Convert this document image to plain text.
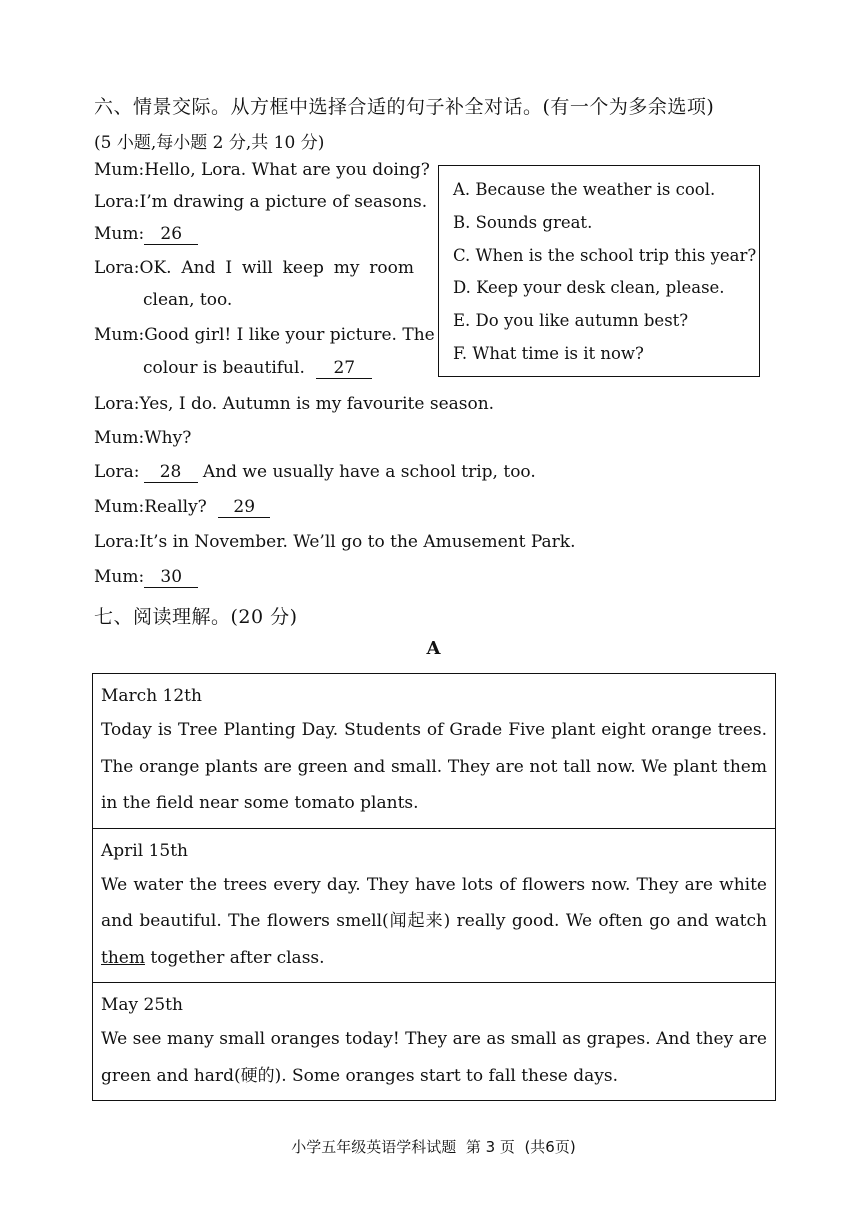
六、情景交际。从方框中选择合适的句子补全对话。(有一个为多余选项)
(5 小题,每小题 2 分,共 10 分)
Mum:Hello, Lora. What are you doing?
Lora:I’m drawing a picture of seasons.
Mum: 26
Lora:OK. And I will keep my room
clean, too.
Mum:Good girl! I like your picture. The
colour is beautiful. 27
Lora:Yes, I do. Autumn is my favourite season.
Mum:Why?
Lora: 28 And we usually have a school trip, too.
Mum:Really? 29
Lora:It’s in November. We’ll go to the Amusement Park.
Mum: 30
A. Because the weather is cool.
B. Sounds great.
C. When is the school trip this year?
D. Keep your desk clean, please.
E. Do you like autumn best?
F. What time is it now?
七、阅读理解。(20 分)
A
March 12th
Today is Tree Planting Day. Students of Grade Five plant eight orange trees. The orange plants are green and small. They are not tall now. We plant them in the field near some tomato plants.
April 15th
We water the trees every day. They have lots of flowers now. They are white and beautiful. The flowers smell(闻起来) really good. We often go and watch them together after class.
May 25th
We see many small oranges today! They are as small as grapes. And they are green and hard(硬的). Some oranges start to fall these days.
小学五年级英语学科试题  第 3 页  (共6页)
